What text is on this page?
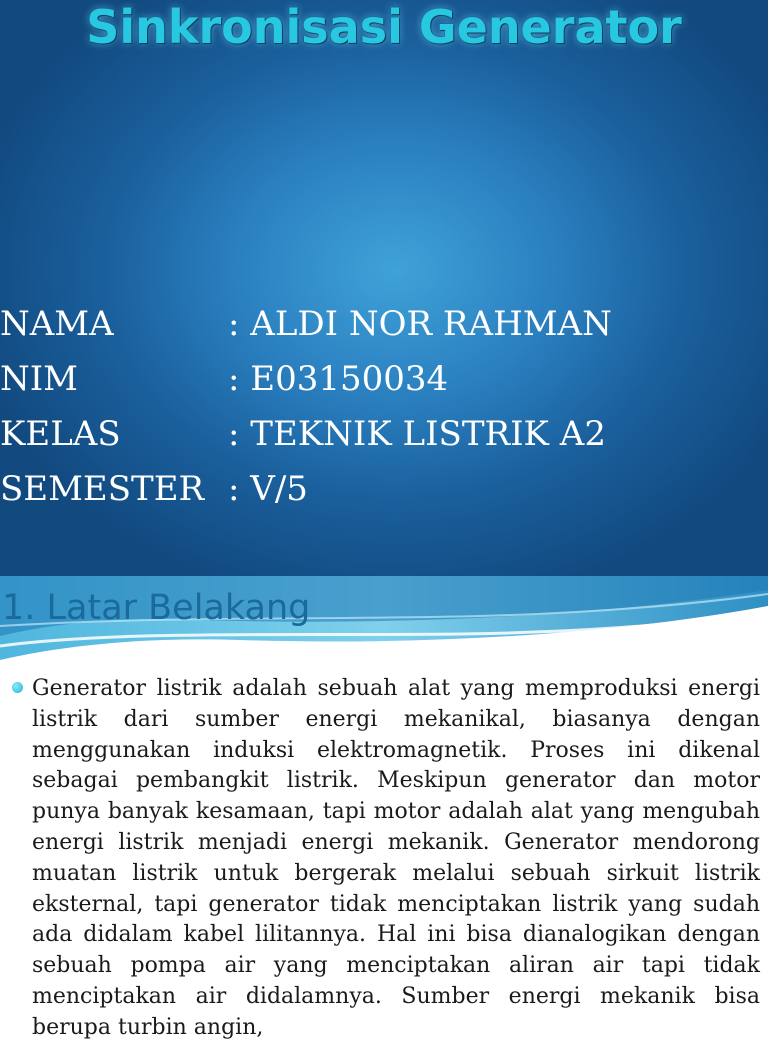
Sinkronisasi Generator
NAMA	: ALDI NOR RAHMAN
NIM	: E03150034
KELAS	: TEKNIK LISTRIK A2
SEMESTER : V/5
1. Latar Belakang

Generator listrik adalah sebuah alat yang memproduksi energi listrik dari sumber energi mekanikal, biasanya dengan menggunakan induksi elektromagnetik. Proses ini dikenal sebagai pembangkit listrik. Meskipun generator dan motor punya banyak kesamaan, tapi motor adalah alat yang mengubah energi listrik menjadi energi mekanik. Generator mendorong muatan listrik untuk bergerak melalui sebuah sirkuit listrik eksternal, tapi generator tidak menciptakan listrik yang sudah ada didalam kabel lilitannya. Hal ini bisa dianalogikan dengan sebuah pompa air yang menciptakan aliran air tapi tidak menciptakan air didalamnya. Sumber energi mekanik bisa berupa turbin angin,
